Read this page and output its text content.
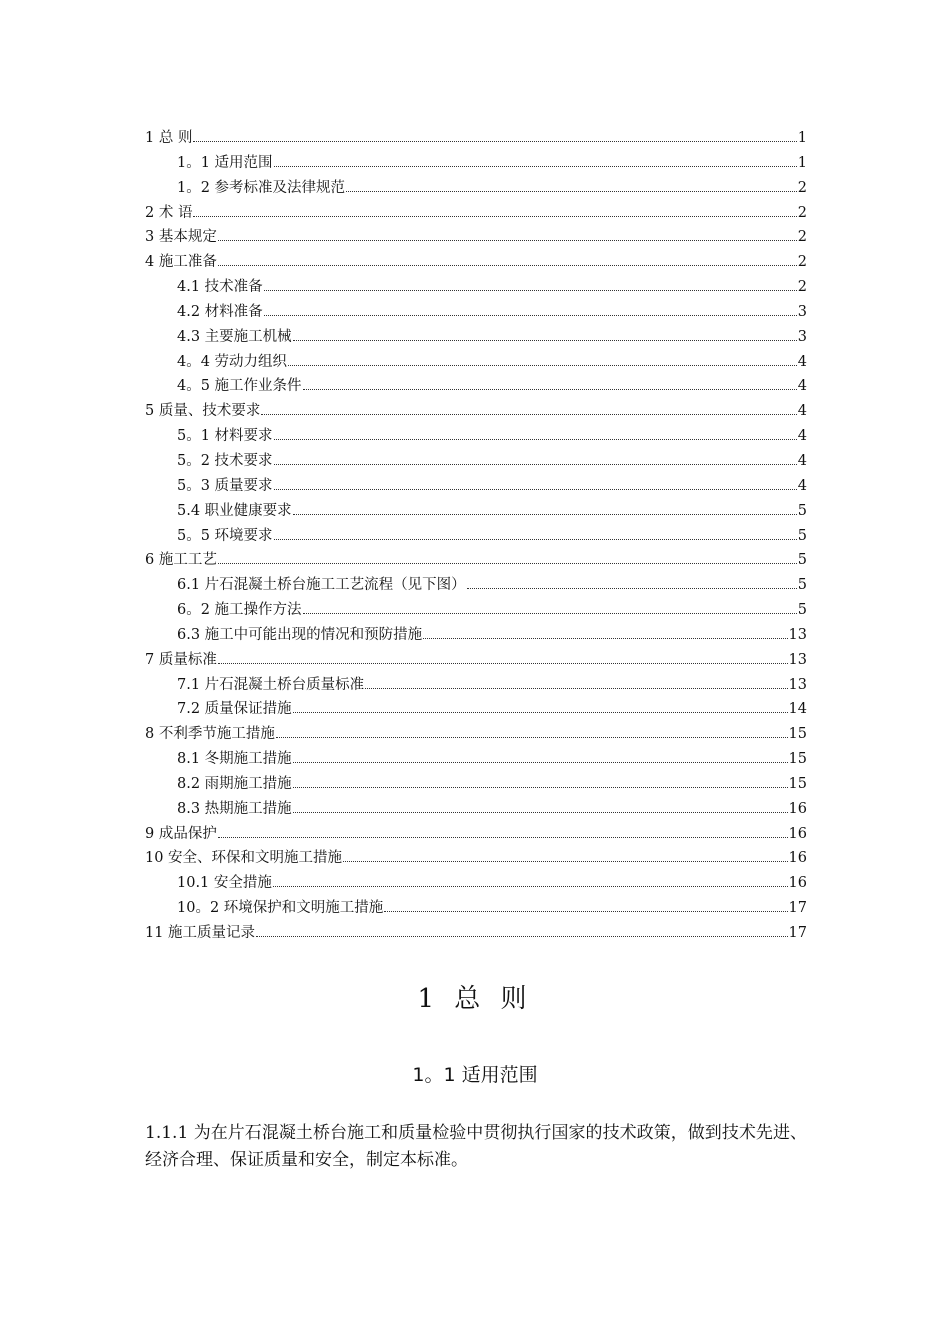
1 总 则	1
1。1 适用范围	1
1。2 参考标准及法律规范	2
2 术 语	2
3 基本规定	2
4 施工准备	2
4.1 技术准备	2
4.2 材料准备	3
4.3 主要施工机械	3
4。4 劳动力组织	4
4。5 施工作业条件	4
5 质量、技术要求	4
5。1 材料要求	4
5。2 技术要求	4
5。3 质量要求	4
5.4 职业健康要求	5
5。5 环境要求	5
6 施工工艺	5
6.1 片石混凝土桥台施工工艺流程（见下图）	5
6。2 施工操作方法	5
6.3 施工中可能出现的情况和预防措施	13
7 质量标准	13
7.1 片石混凝土桥台质量标准	13
7.2 质量保证措施	14
8 不利季节施工措施	15
8.1 冬期施工措施	15
8.2 雨期施工措施	15
8.3 热期施工措施	16
9 成品保护	16
10 安全、环保和文明施工措施	16
10.1 安全措施	16
10。2 环境保护和文明施工措施	17
11 施工质量记录	17
1 总 则
1。1 适用范围
1.1.1 为在片石混凝土桥台施工和质量检验中贯彻执行国家的技术政策，做到技术先进、经济合理、保证质量和安全，制定本标准。
